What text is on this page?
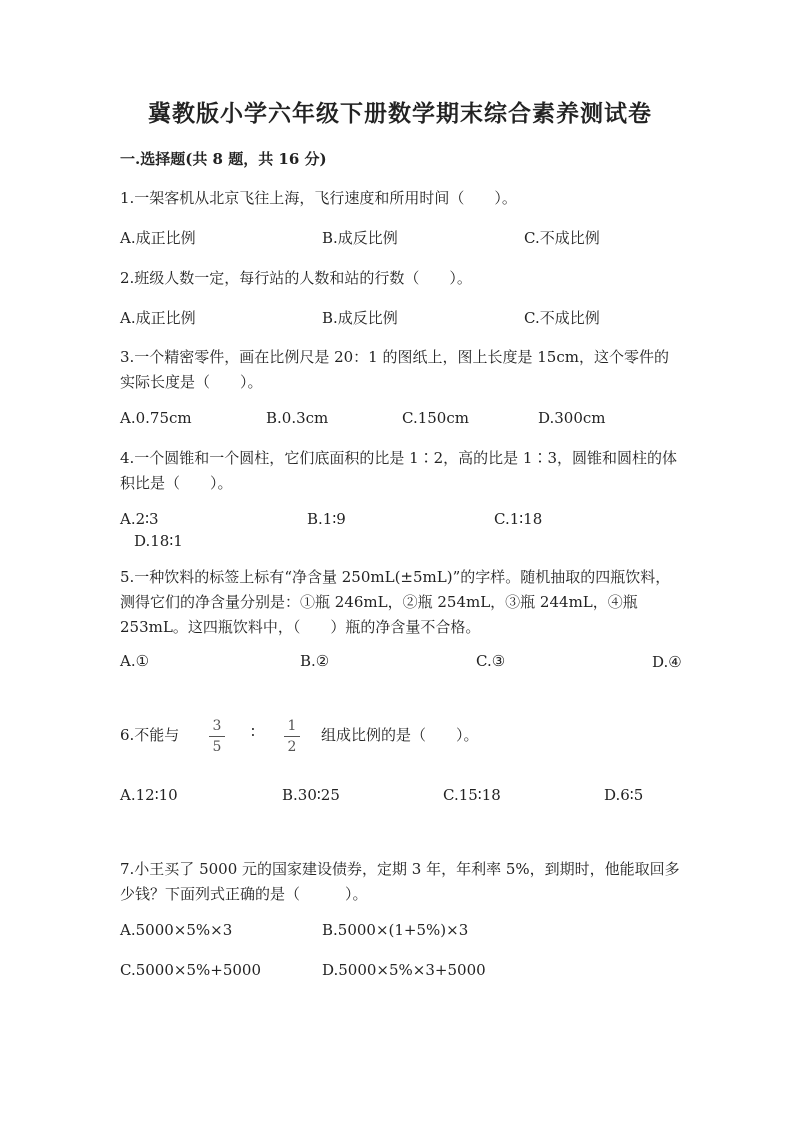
冀教版小学六年级下册数学期末综合素养测试卷
一.选择题(共 8 题，共 16 分)
1.一架客机从北京飞往上海，飞行速度和所用时间（　　）。
A.成正比例	B.成反比例	C.不成比例
2.班级人数一定，每行站的人数和站的行数（　　）。
A.成正比例	B.成反比例	C.不成比例
3.一个精密零件，画在比例尺是 20：1 的图纸上，图上长度是 15cm，这个零件的实际长度是（　　）。
A.0.75cm	B.0.3cm	C.150cm	D.300cm
4.一个圆锥和一个圆柱，它们底面积的比是 1∶2，高的比是 1∶3，圆锥和圆柱的体积比是（　　）。
A.2∶3	B.1∶9	C.1∶18
D.18∶1
5.一种饮料的标签上标有“净含量 250mL(±5mL)”的字样。随机抽取的四瓶饮料，测得它们的净含量分别是：①瓶 246mL，②瓶 254mL，③瓶 244mL，④瓶 253mL。这四瓶饮料中，（　　）瓶的净含量不合格。
A.①	B.②	C.③	D.④
6.不能与 3
5
∶ 1
2
组成比例的是（　　）。
A.12∶10	B.30∶25	C.15∶18	D.6∶5
7.小王买了 5000 元的国家建设债券，定期 3 年，年利率 5%，到期时，他能取回多少钱？下面列式正确的是（　　　）。
A.5000×5%×3	B.5000×(1+5%)×3
C.5000×5%+5000	D.5000×5%×3+5000
